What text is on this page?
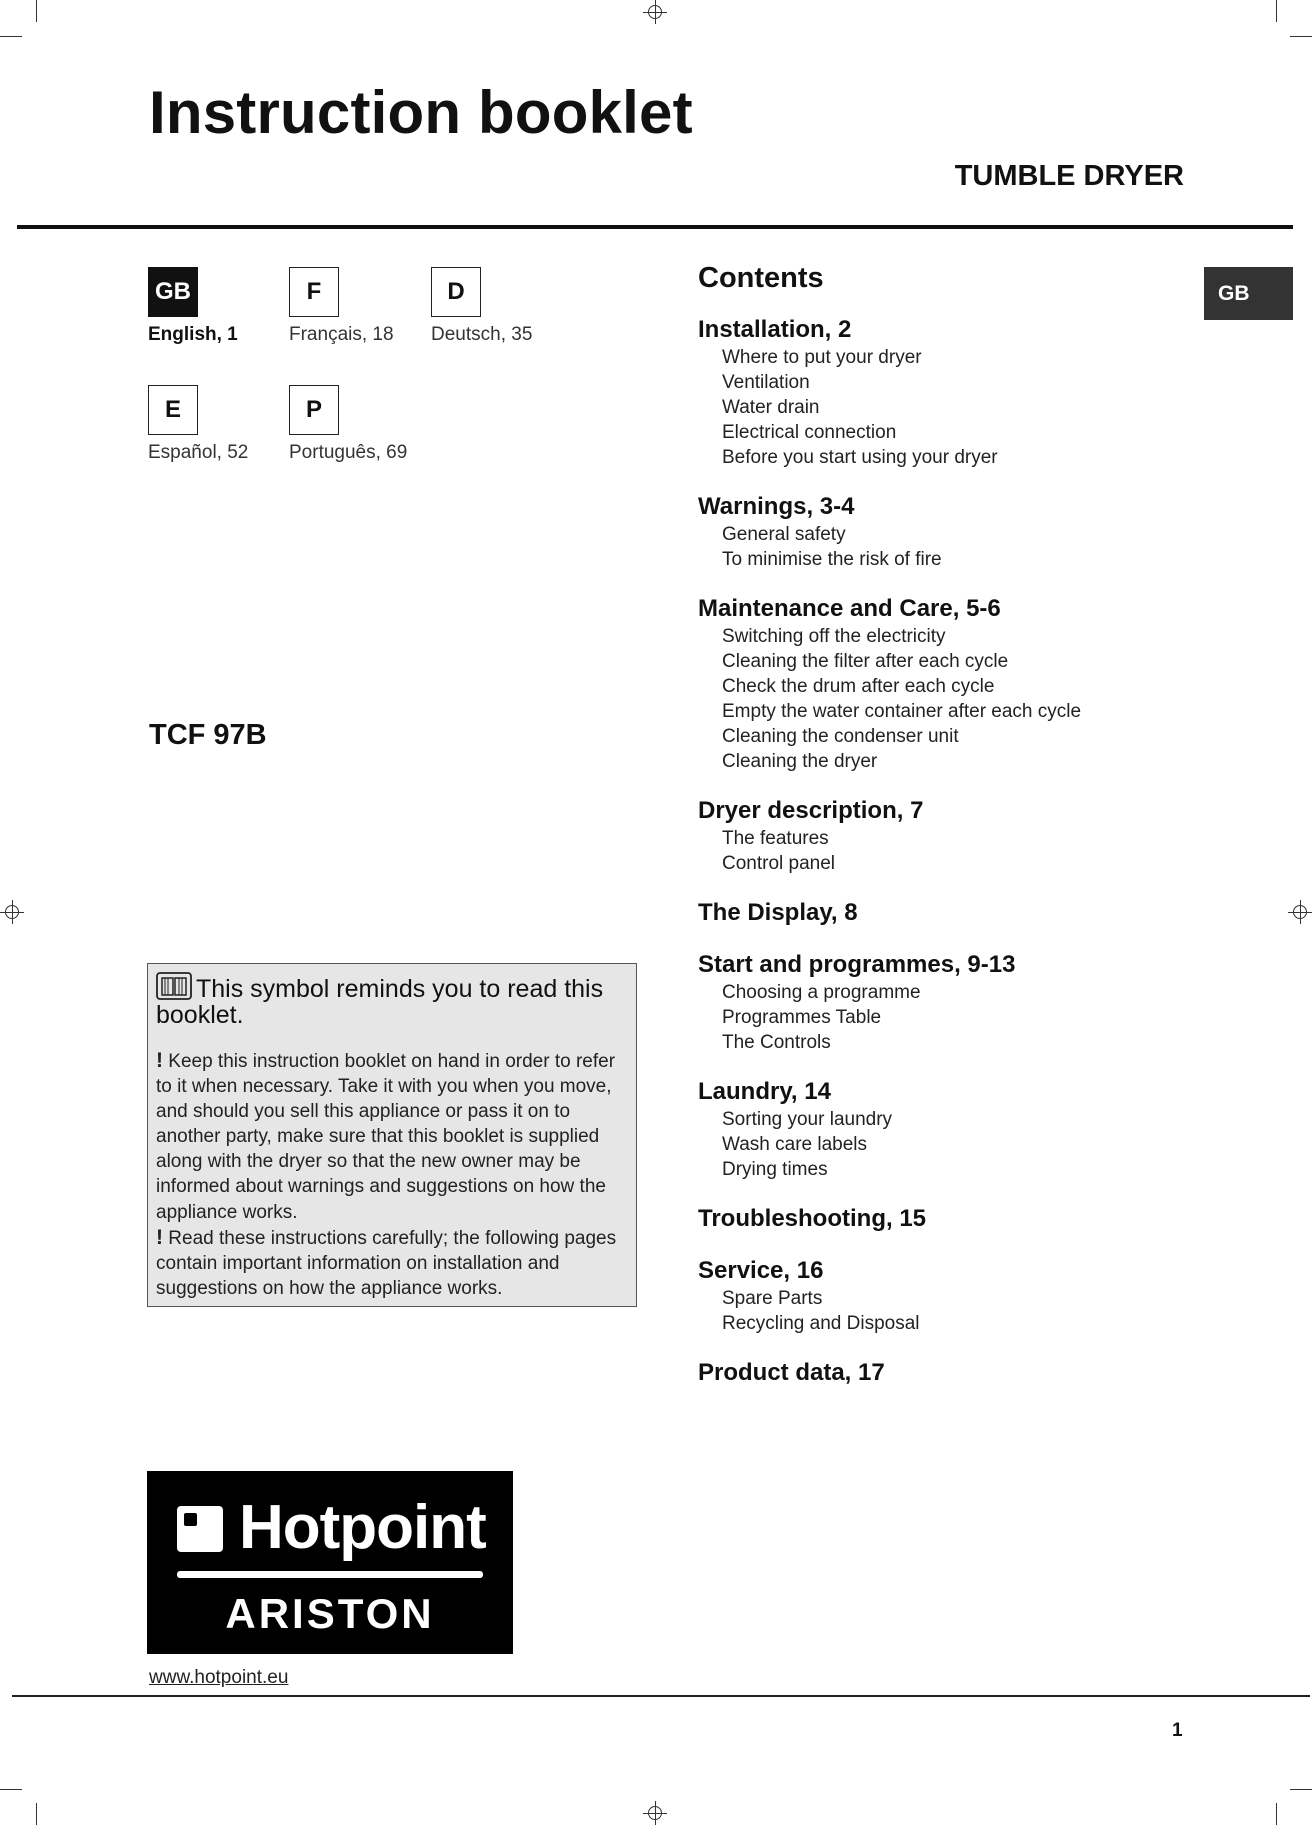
Instruction booklet
TUMBLE DRYER
GB
English, 1
F
Français, 18
D
Deutsch, 35
E
Español, 52
P
Português, 69
TCF 97B
This symbol reminds you to read this booklet.

! Keep this instruction booklet on hand in order to refer to it when necessary. Take it with you when you move, and should you sell this appliance or pass it on to another party, make sure that this booklet is supplied along with the dryer so that the new owner may be informed about warnings and suggestions on how the appliance works.

! Read these instructions carefully; the following pages contain important information on installation and suggestions on how the appliance works.

Hotpoint
ARISTON
www.hotpoint.eu
1
Contents	GB
Installation, 2
Where to put your dryer
Ventilation
Water drain
Electrical connection
Before you start using your dryer
Warnings, 3-4
General safety
To minimise the risk of fire
Maintenance and Care, 5-6
Switching off the electricity
Cleaning the filter after each cycle
Check the drum after each cycle
Empty the water container after each cycle
Cleaning the condenser unit
Cleaning the dryer
Dryer description, 7
The features
Control panel
The Display, 8
Start and programmes, 9-13
Choosing a programme
Programmes Table
The Controls
Laundry, 14
Sorting your laundry
Wash care labels
Drying times
Troubleshooting, 15
Service, 16
Spare Parts
Recycling and Disposal
Product data, 17
